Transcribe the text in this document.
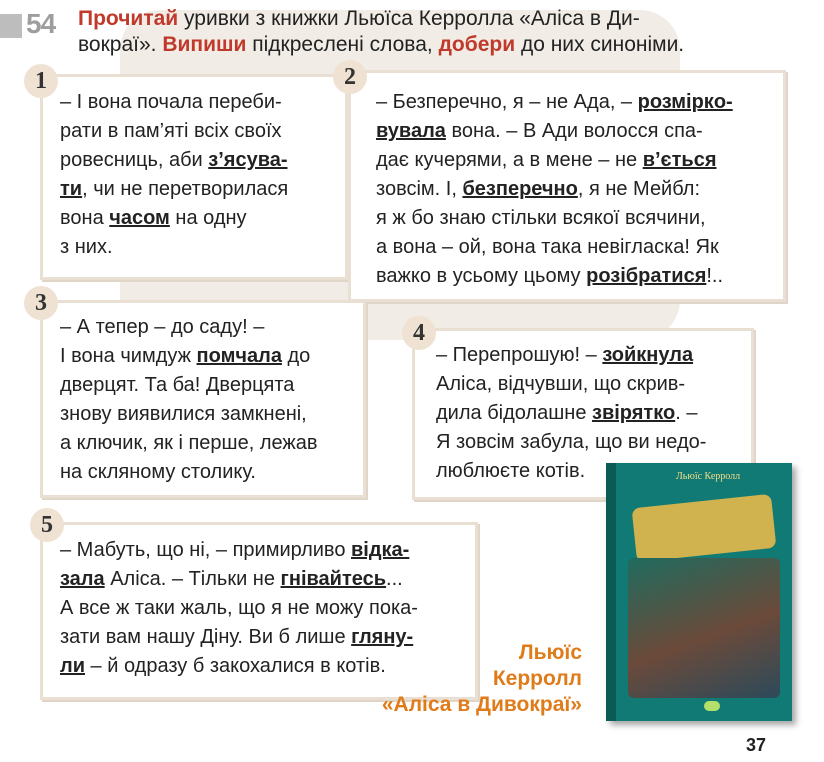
54 Прочитай уривки з книжки Льюїса Керролла «Аліса в Ди-
вокраї». Випиши підкреслені слова, добери до них синоніми.
1
– І вона почала переби-
рати в пам’яті всіх своїх
ровесниць, аби з’ясува-
ти, чи не перетворилася
вона часом на одну
з них.
2
– Безперечно, я – не Ада, – розміркo-
вувала вона. – В Ади волосся спа-
дає кучерями, а в мене – не в’ється
зовсім. І, безперечно, я не Мейбл:
я ж бо знаю стільки всякої всячини,
а вона – ой, вона така невігласка! Як
важко в усьому цьому розібратися!..
3
– А тепер – до саду! –
І вона чимдуж помчала до
дверцят. Та ба! Дверцята
знову виявилися замкнені,
а ключик, як і перше, лежав
на скляному столику.
4
– Перепрошую! – зойкнула
Аліса, відчувши, що скрив-
дила бідолашне звірятко. –
Я зовсім забула, що ви недо-
люблюєте котів.
5
– Мабуть, що ні, – примирливо відка-
зала Аліса. – Тільки не гнівайтесь...
А все ж таки жаль, що я не можу пока-
зати вам нашу Діну. Ви б лише глянy-
ли – й одразу б закохалися в котів.
Льюїс Керролл
Льюїс
Керролл
«Аліса в Дивокраї»
37
